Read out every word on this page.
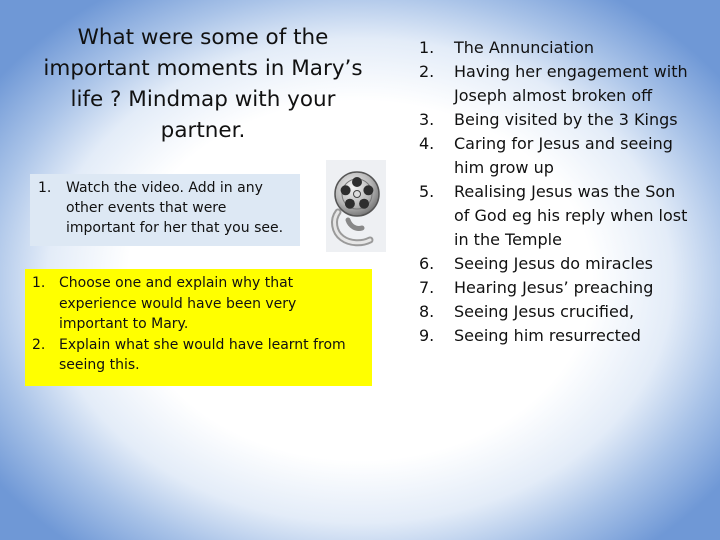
What were some of the important moments in Mary’s life ? Mindmap with your partner.
1. Watch the video. Add in any other events that were important for her that you see.
1. Choose one and explain why that experience would have been very important to Mary.
2. Explain what she would have learnt from seeing this.
1. The Annunciation
2. Having her engagement with Joseph almost broken off
3. Being visited by the 3 Kings
4. Caring for Jesus and seeing him grow up
5. Realising Jesus was the Son of God eg his reply when lost in the Temple
6. Seeing Jesus do miracles
7. Hearing Jesus’ preaching
8. Seeing Jesus crucified,
9. Seeing him resurrected
